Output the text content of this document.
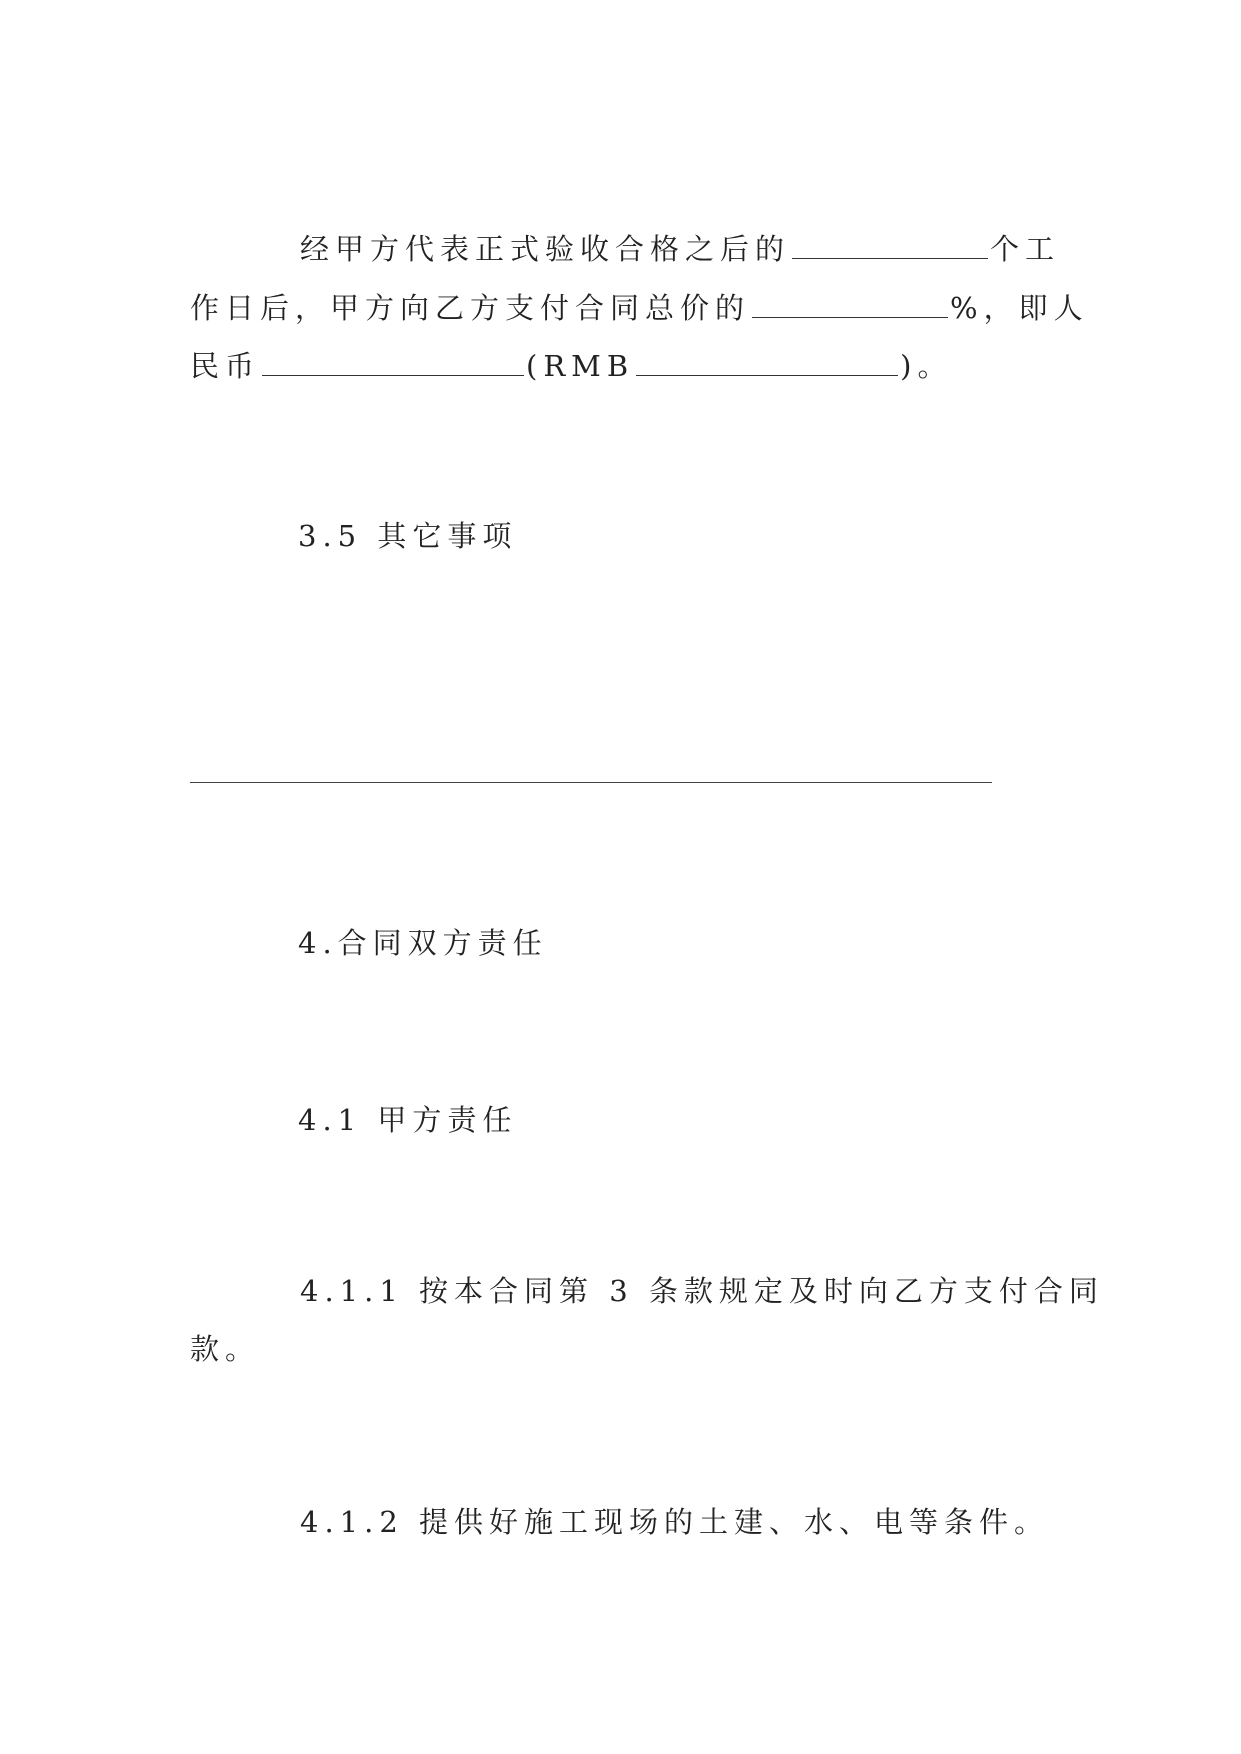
经甲方代表正式验收合格之后的	个工
作日后，甲方向乙方支付合同总价的	%，即人
民币	(RMB	)。
3.5 其它事项
4.合同双方责任
4.1 甲方责任
4.1.1 按本合同第 3 条款规定及时向乙方支付合同
款。
4.1.2 提供好施工现场的土建、水、电等条件。
